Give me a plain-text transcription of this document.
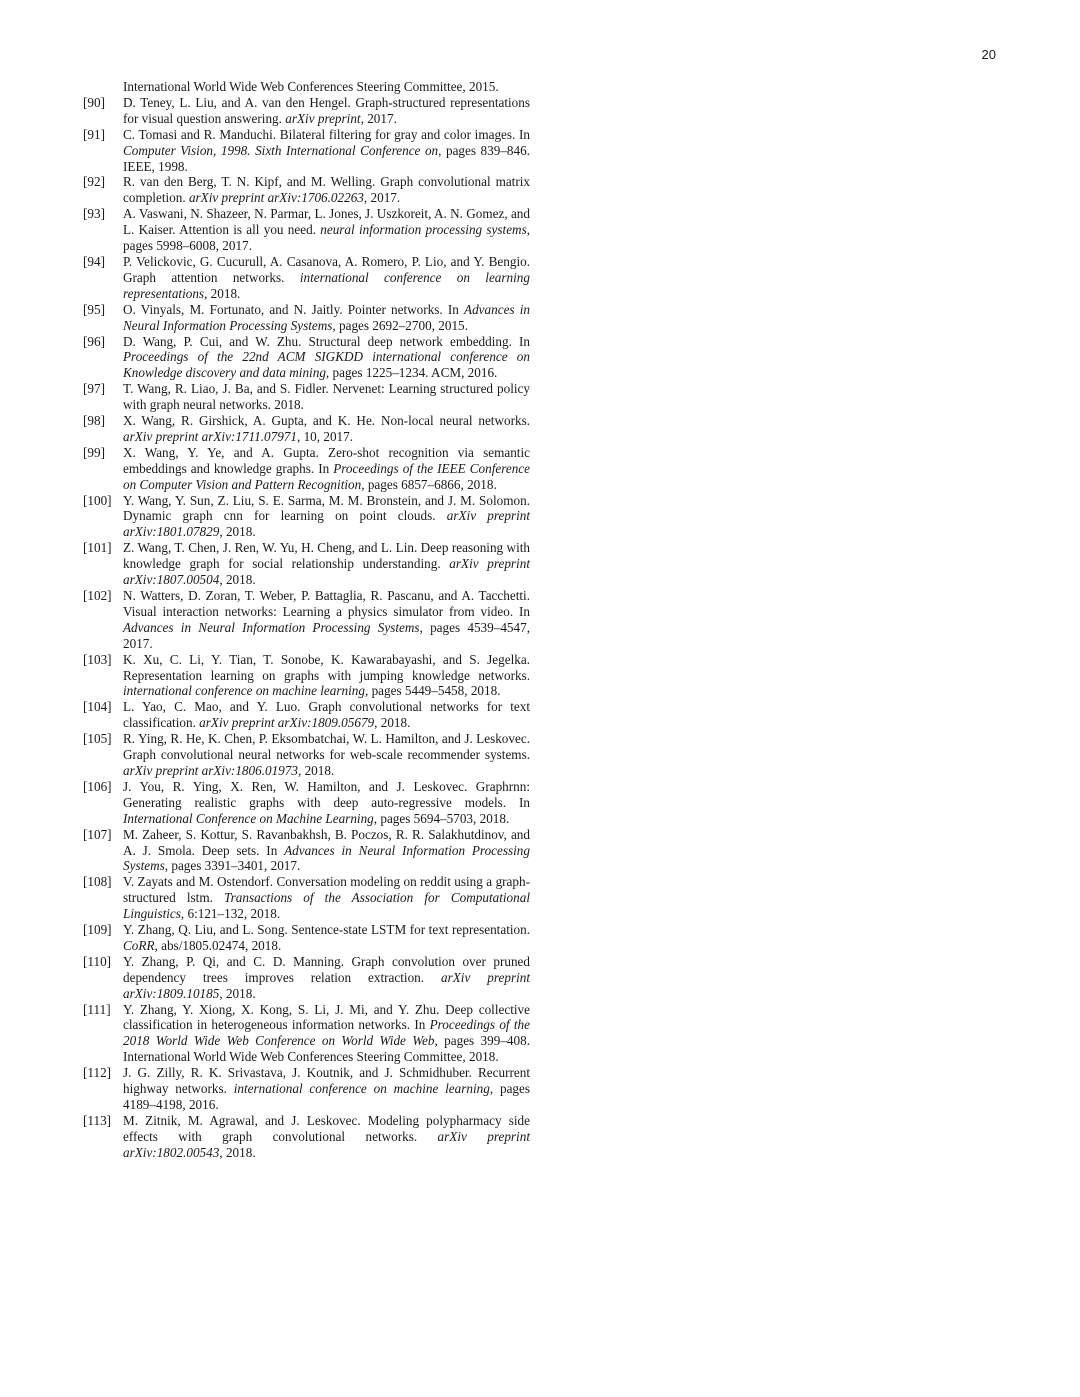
20
International World Wide Web Conferences Steering Committee, 2015.
[90]	D. Teney, L. Liu, and A. van den Hengel. Graph-structured representations for visual question answering. arXiv preprint, 2017.
[91]	C. Tomasi and R. Manduchi. Bilateral filtering for gray and color images. In Computer Vision, 1998. Sixth International Conference on, pages 839–846. IEEE, 1998.
[92]	R. van den Berg, T. N. Kipf, and M. Welling. Graph convolutional matrix completion. arXiv preprint arXiv:1706.02263, 2017.
[93]	A. Vaswani, N. Shazeer, N. Parmar, L. Jones, J. Uszkoreit, A. N. Gomez, and L. Kaiser. Attention is all you need. neural information processing systems, pages 5998–6008, 2017.
[94]	P. Velickovic, G. Cucurull, A. Casanova, A. Romero, P. Lio, and Y. Bengio. Graph attention networks. international conference on learning representations, 2018.
[95]	O. Vinyals, M. Fortunato, and N. Jaitly. Pointer networks. In Advances in Neural Information Processing Systems, pages 2692–2700, 2015.
[96]	D. Wang, P. Cui, and W. Zhu. Structural deep network embedding. In Proceedings of the 22nd ACM SIGKDD international conference on Knowledge discovery and data mining, pages 1225–1234. ACM, 2016.
[97]	T. Wang, R. Liao, J. Ba, and S. Fidler. Nervenet: Learning structured policy with graph neural networks. 2018.
[98]	X. Wang, R. Girshick, A. Gupta, and K. He. Non-local neural networks. arXiv preprint arXiv:1711.07971, 10, 2017.
[99]	X. Wang, Y. Ye, and A. Gupta. Zero-shot recognition via semantic embeddings and knowledge graphs. In Proceedings of the IEEE Conference on Computer Vision and Pattern Recognition, pages 6857–6866, 2018.
[100] Y. Wang, Y. Sun, Z. Liu, S. E. Sarma, M. M. Bronstein, and J. M. Solomon. Dynamic graph cnn for learning on point clouds. arXiv preprint arXiv:1801.07829, 2018.
[101] Z. Wang, T. Chen, J. Ren, W. Yu, H. Cheng, and L. Lin. Deep reasoning with knowledge graph for social relationship understanding. arXiv preprint arXiv:1807.00504, 2018.
[102] N. Watters, D. Zoran, T. Weber, P. Battaglia, R. Pascanu, and A. Tacchetti. Visual interaction networks: Learning a physics simulator from video. In Advances in Neural Information Processing Systems, pages 4539–4547, 2017.
[103] K. Xu, C. Li, Y. Tian, T. Sonobe, K. Kawarabayashi, and S. Jegelka. Representation learning on graphs with jumping knowledge networks. international conference on machine learning, pages 5449–5458, 2018.
[104] L. Yao, C. Mao, and Y. Luo. Graph convolutional networks for text classification. arXiv preprint arXiv:1809.05679, 2018.
[105] R. Ying, R. He, K. Chen, P. Eksombatchai, W. L. Hamilton, and J. Leskovec. Graph convolutional neural networks for web-scale recommender systems. arXiv preprint arXiv:1806.01973, 2018.
[106] J. You, R. Ying, X. Ren, W. Hamilton, and J. Leskovec. Graphrnn: Generating realistic graphs with deep auto-regressive models. In International Conference on Machine Learning, pages 5694–5703, 2018.
[107] M. Zaheer, S. Kottur, S. Ravanbakhsh, B. Poczos, R. R. Salakhutdinov, and A. J. Smola. Deep sets. In Advances in Neural Information Processing Systems, pages 3391–3401, 2017.
[108] V. Zayats and M. Ostendorf. Conversation modeling on reddit using a graph-structured lstm. Transactions of the Association for Computational Linguistics, 6:121–132, 2018.
[109] Y. Zhang, Q. Liu, and L. Song. Sentence-state LSTM for text representation. CoRR, abs/1805.02474, 2018.
[110] Y. Zhang, P. Qi, and C. D. Manning. Graph convolution over pruned dependency trees improves relation extraction. arXiv preprint arXiv:1809.10185, 2018.
[111] Y. Zhang, Y. Xiong, X. Kong, S. Li, J. Mi, and Y. Zhu. Deep collective classification in heterogeneous information networks. In Proceedings of the 2018 World Wide Web Conference on World Wide Web, pages 399–408. International World Wide Web Conferences Steering Committee, 2018.
[112] J. G. Zilly, R. K. Srivastava, J. Koutnik, and J. Schmidhuber. Recurrent highway networks. international conference on machine learning, pages 4189–4198, 2016.
[113] M. Zitnik, M. Agrawal, and J. Leskovec. Modeling polypharmacy side effects with graph convolutional networks. arXiv preprint arXiv:1802.00543, 2018.
